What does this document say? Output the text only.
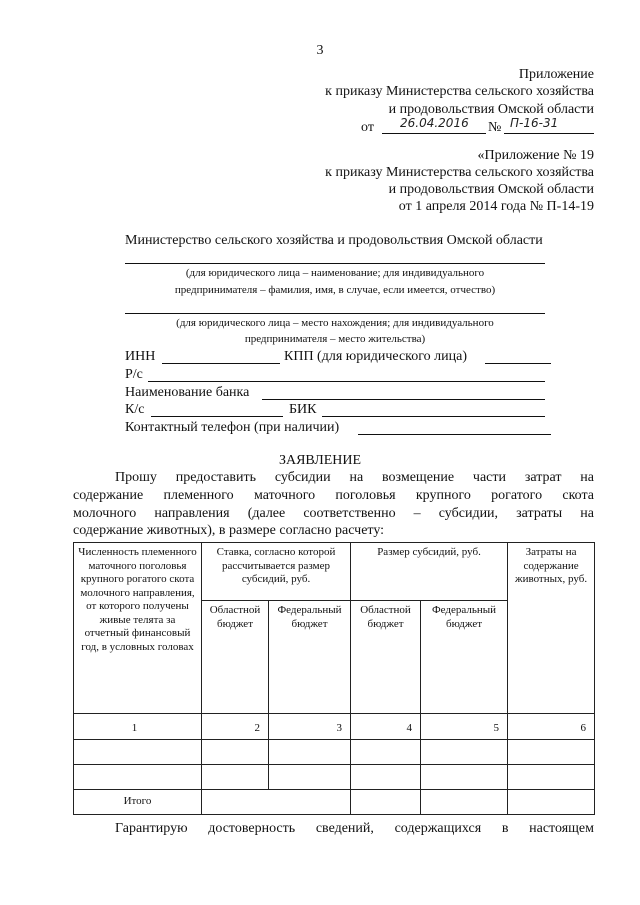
3
Приложение
к приказу Министерства сельского хозяйства
и продовольствия Омской области
от 26.04.2016 № П-16-31
«Приложение № 19
к приказу Министерства сельского хозяйства
и продовольствия Омской области
от 1 апреля 2014 года № П-14-19
Министерство сельского хозяйства и продовольствия Омской области
(для юридического лица – наименование; для индивидуального
предпринимателя – фамилия, имя, в случае, если имеется, отчество)
(для юридического лица – место нахождения; для индивидуального
предпринимателя – место жительства)
ИНН	КПП (для юридического лица)
Р/с
Наименование банка
К/с	БИК
Контактный телефон (при наличии)
ЗАЯВЛЕНИЕ
Прошу предоставить субсидии на возмещение части затрат на
содержание племенного маточного поголовья крупного рогатого скота
молочного направления (далее соответственно – субсидии, затраты на
содержание животных), в размере согласно расчету:
Численность племенного маточного поголовья крупного рогатого скота молочного направления, от которого получены живые телята за отчетный финансовый год, в условных головах	Ставка, согласно которой рассчитывается размер субсидий, руб.		Размер субсидий, руб.		Затраты на содержание животных, руб.
	Областной бюджет	Федеральный бюджет	Областной бюджет	Федеральный бюджет	
1	2	3	4	5	6

Итого					
Гарантирую достоверность сведений, содержащихся в настоящем
